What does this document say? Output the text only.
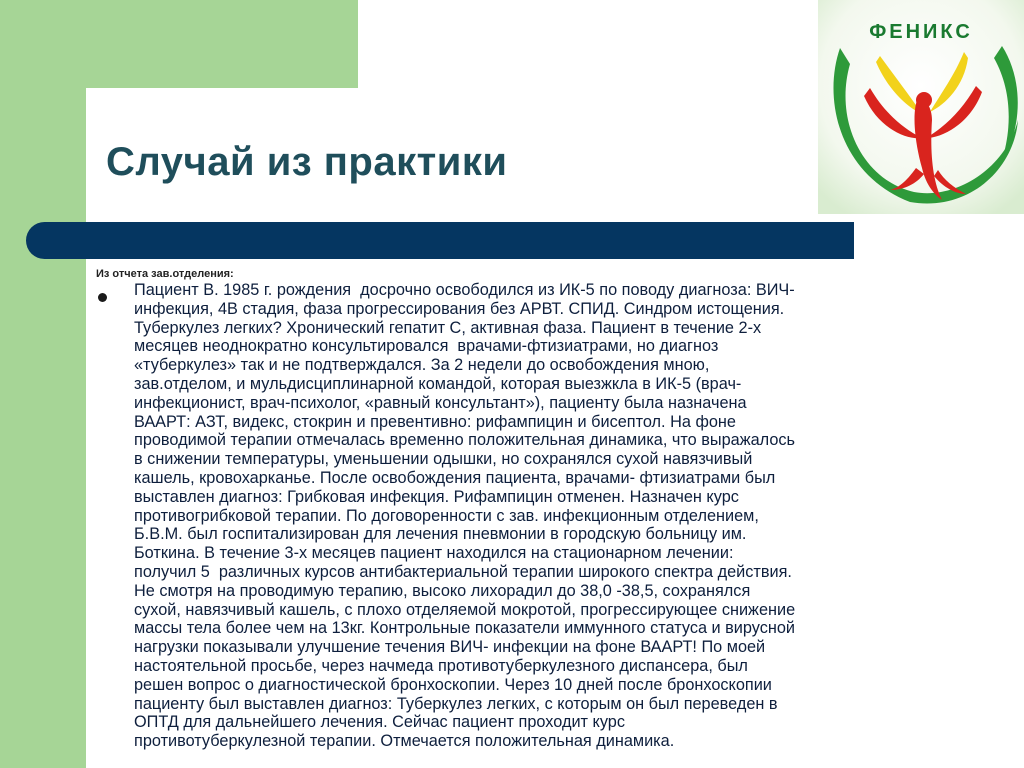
ФЕНИКС
Случай из практики
Из отчета зав.отделения:
Пациент В. 1985 г. рождения  досрочно освободился из ИК-5 по поводу диагноза: ВИЧ-
инфекция, 4В стадия, фаза прогрессирования без АРВТ. СПИД. Синдром истощения.
Туберкулез легких? Хронический гепатит С, активная фаза. Пациент в течение 2-х
месяцев неоднократно консультировался  врачами-фтизиатрами, но диагноз
«туберкулез» так и не подтверждался. За 2 недели до освобождения мною,
зав.отделом, и мульдисциплинарной командой, которая выезжкла в ИК-5 (врач-
инфекционист, врач-психолог, «равный консультант»), пациенту была назначена
ВААРТ: АЗТ, видекс, стокрин и превентивно: рифампицин и бисептол. На фоне
проводимой терапии отмечалась временно положительная динамика, что выражалось
в снижении температуры, уменьшении одышки, но сохранялся сухой навязчивый
кашель, кровохарканье. После освобождения пациента, врачами- фтизиатрами был
выставлен диагноз: Грибковая инфекция. Рифампицин отменен. Назначен курс
противогрибковой терапии. По договоренности с зав. инфекционным отделением,
Б.В.М. был госпитализирован для лечения пневмонии в городскую больницу им.
Боткина. В течение 3-х месяцев пациент находился на стационарном лечении:
получил 5  различных курсов антибактериальной терапии широкого спектра действия.
Не смотря на проводимую терапию, высоко лихорадил до 38,0 -38,5, сохранялся
сухой, навязчивый кашель, с плохо отделяемой мокротой, прогрессирующее снижение
массы тела более чем на 13кг. Контрольные показатели иммунного статуса и вирусной
нагрузки показывали улучшение течения ВИЧ- инфекции на фоне ВААРТ! По моей
настоятельной просьбе, через начмеда противотуберкулезного диспансера, был
решен вопрос о диагностической бронхоскопии. Через 10 дней после бронхоскопии
пациенту был выставлен диагноз: Туберкулез легких, с которым он был переведен в
ОПТД для дальнейшего лечения. Сейчас пациент проходит курс
противотуберкулезной терапии. Отмечается положительная динамика.
